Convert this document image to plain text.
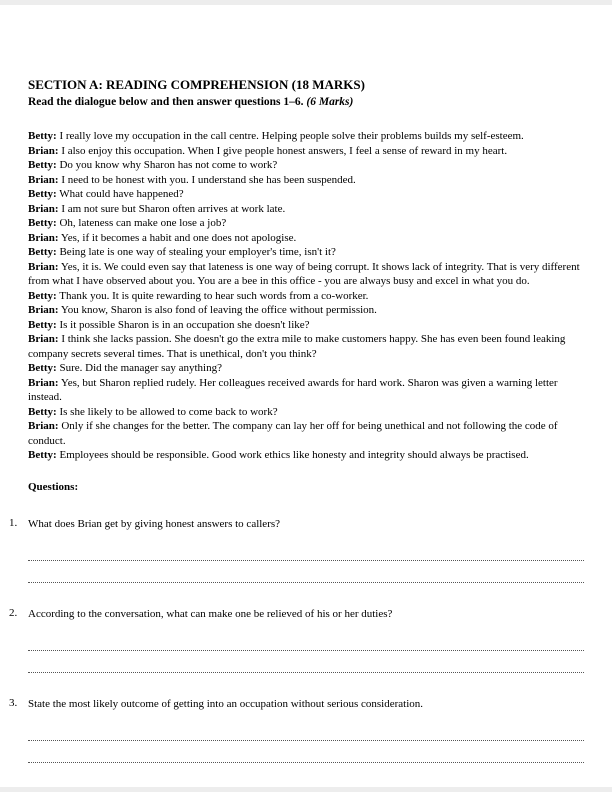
SECTION A: READING COMPREHENSION (18 MARKS)

Read the dialogue below and then answer questions 1–6. (6 Marks)

Betty: I really love my occupation in the call centre. Helping people solve their problems builds my self-esteem.

Brian: I also enjoy this occupation. When I give people honest answers, I feel a sense of reward in my heart.

Betty: Do you know why Sharon has not come to work?

Brian: I need to be honest with you. I understand she has been suspended.

Betty: What could have happened?

Brian: I am not sure but Sharon often arrives at work late.

Betty: Oh, lateness can make one lose a job?

Brian: Yes, if it becomes a habit and one does not apologise.

Betty: Being late is one way of stealing your employer's time, isn't it?

Brian: Yes, it is. We could even say that lateness is one way of being corrupt. It shows lack of integrity. That is very different from what I have observed about you. You are a bee in this office - you are always busy and excel in what you do.

Betty: Thank you. It is quite rewarding to hear such words from a co-worker.

Brian: You know, Sharon is also fond of leaving the office without permission.

Betty: Is it possible Sharon is in an occupation she doesn't like?

Brian: I think she lacks passion. She doesn't go the extra mile to make customers happy. She has even been found leaking company secrets several times. That is unethical, don't you think?

Betty: Sure. Did the manager say anything?

Brian: Yes, but Sharon replied rudely. Her colleagues received awards for hard work. Sharon was given a warning letter instead.

Betty: Is she likely to be allowed to come back to work?

Brian: Only if she changes for the better. The company can lay her off for being unethical and not following the code of conduct.

Betty: Employees should be responsible. Good work ethics like honesty and integrity should always be practised.

Questions:

1. What does Brian get by giving honest answers to callers?

2. According to the conversation, what can make one be relieved of his or her duties?

3. State the most likely outcome of getting into an occupation without serious consideration.
